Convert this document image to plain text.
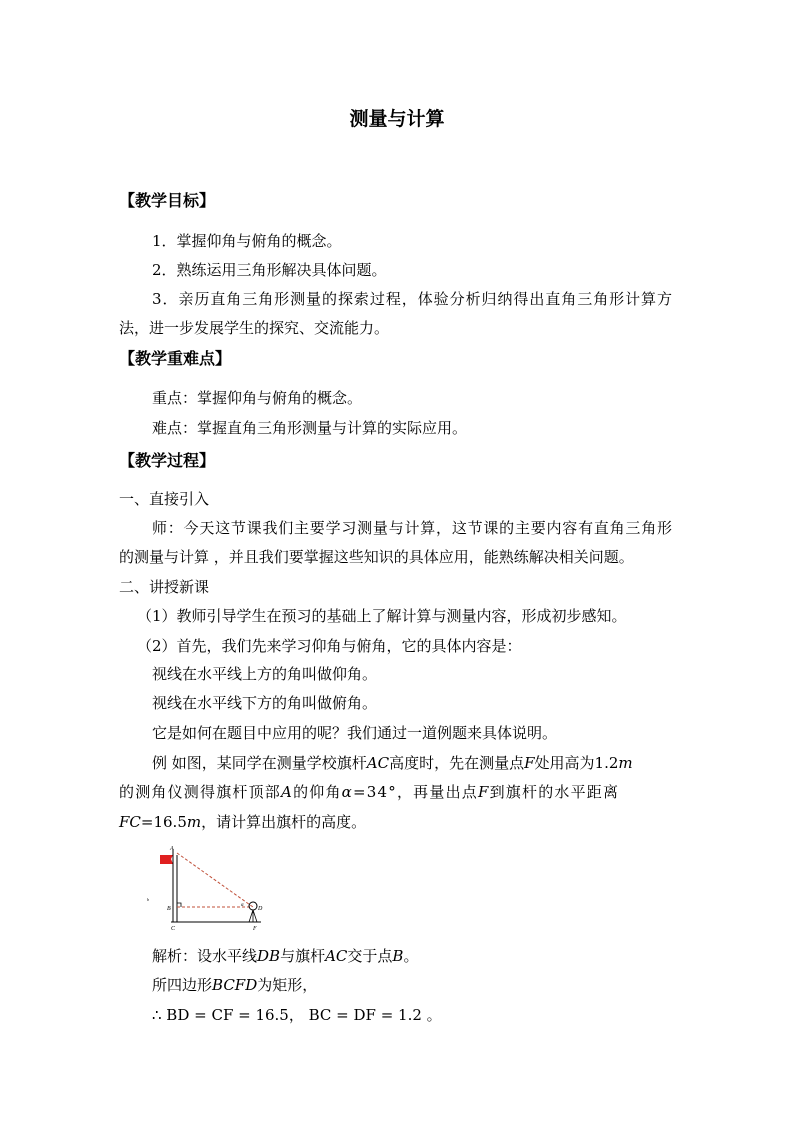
测量与计算
【教学目标】
1．掌握仰角与俯角的概念。
2．熟练运用三角形解决具体问题。
3．亲历直角三角形测量的探索过程，体验分析归纳得出直角三角形计算方
法，进一步发展学生的探究、交流能力。
【教学重难点】
重点：掌握仰角与俯角的概念。
难点：掌握直角三角形测量与计算的实际应用。
【教学过程】
一、直接引入
师：今天这节课我们主要学习测量与计算，这节课的主要内容有直角三角形
的测量与计算 ，并且我们要掌握这些知识的具体应用，能熟练解决相关问题。
二、讲授新课
（1）教师引导学生在预习的基础上了解计算与测量内容，形成初步感知。
（2）首先，我们先来学习仰角与俯角，它的具体内容是：
视线在水平线上方的角叫做仰角。
视线在水平线下方的角叫做俯角。
它是如何在题目中应用的呢？我们通过一道例题来具体说明。
例 如图，某同学在测量学校旗杆AC高度时，先在测量点F处用高为1.2m
的测角仪测得旗杆顶部A的仰角α=34°，再量出点F到旗杆的水平距离
FC=16.5m，请计算出旗杆的高度。
A
B
C
D
F
α
b
解析：设水平线DB与旗杆AC交于点B。
所四边形BCFD为矩形，
∴ BD = CF = 16.5， BC = DF = 1.2 。
